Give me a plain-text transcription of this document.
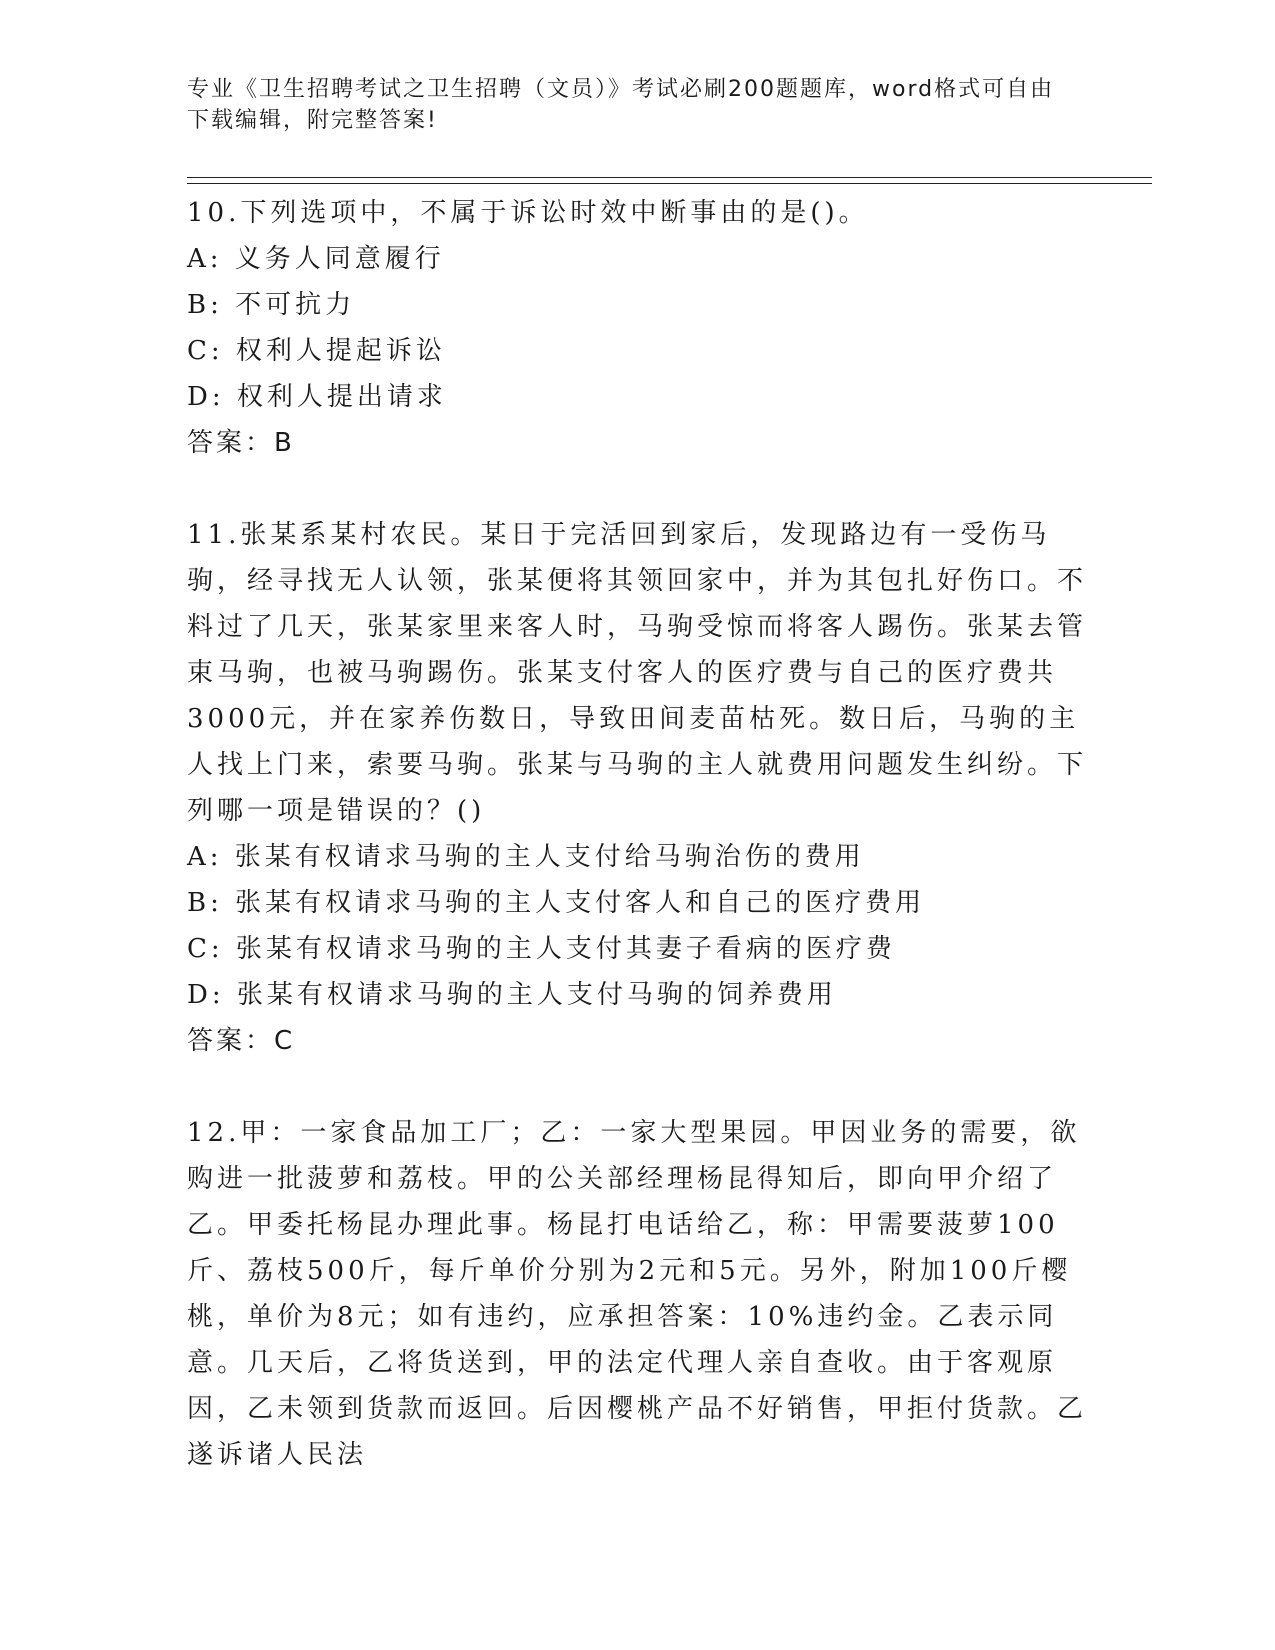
专业《卫生招聘考试之卫生招聘（文员）》考试必刷200题题库，word格式可自由下载编辑，附完整答案!

10.下列选项中，不属于诉讼时效中断事由的是()。

A: 义务人同意履行

B: 不可抗力

C: 权利人提起诉讼

D: 权利人提出请求

答案：B

11.张某系某村农民。某日于完活回到家后，发现路边有一受伤马驹，经寻找无人认领，张某便将其领回家中，并为其包扎好伤口。不料过了几天，张某家里来客人时，马驹受惊而将客人踢伤。张某去管束马驹，也被马驹踢伤。张某支付客人的医疗费与自己的医疗费共3000元，并在家养伤数日，导致田间麦苗枯死。数日后，马驹的主人找上门来，索要马驹。张某与马驹的主人就费用问题发生纠纷。下列哪一项是错误的？()

A: 张某有权请求马驹的主人支付给马驹治伤的费用

B: 张某有权请求马驹的主人支付客人和自己的医疗费用

C: 张某有权请求马驹的主人支付其妻子看病的医疗费

D: 张某有权请求马驹的主人支付马驹的饲养费用

答案：C

12.甲：一家食品加工厂；乙：一家大型果园。甲因业务的需要，欲购进一批菠萝和荔枝。甲的公关部经理杨昆得知后，即向甲介绍了乙。甲委托杨昆办理此事。杨昆打电话给乙，称：甲需要菠萝100斤、荔枝500斤，每斤单价分别为2元和5元。另外，附加100斤樱桃，单价为8元；如有违约，应承担答案：10%违约金。乙表示同意。几天后，乙将货送到，甲的法定代理人亲自查收。由于客观原因，乙未领到货款而返回。后因樱桃产品不好销售，甲拒付货款。乙遂诉诸人民法
